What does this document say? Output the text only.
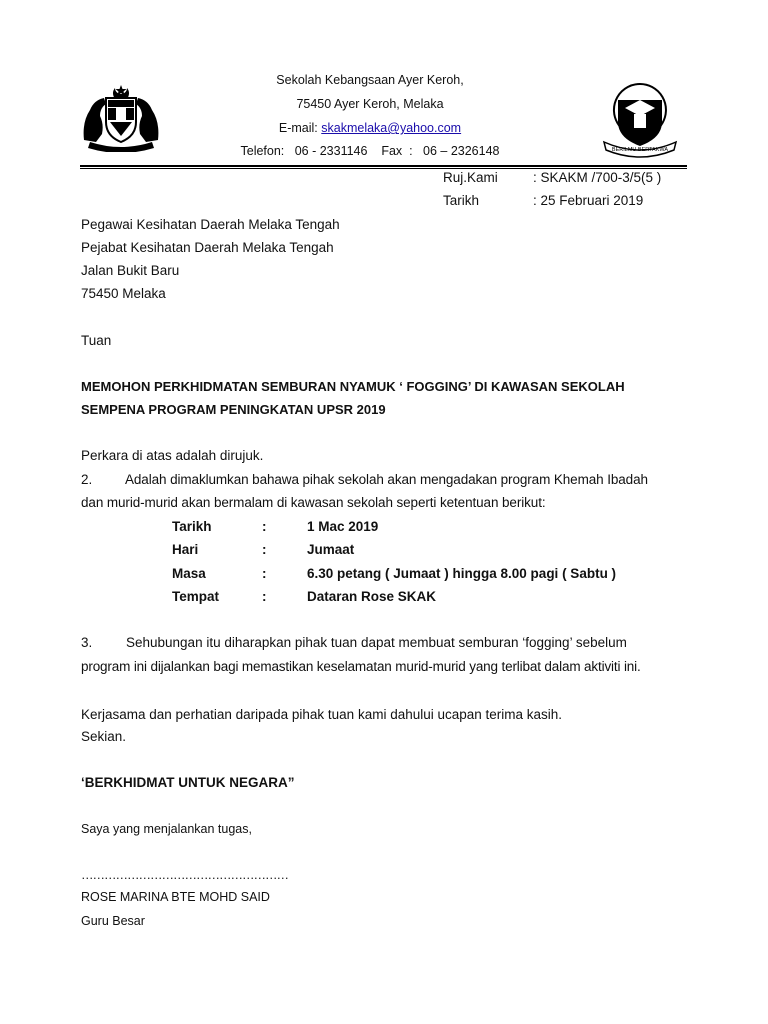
Sekolah Kebangsaan Ayer Keroh,
75450 Ayer Keroh, Melaka
E-mail: skakmelaka@yahoo.com
Telefon:   06 - 2331146    Fax  :   06 – 2326148
SK AYER KEROH
BERILMU BERTAKWA
Ruj.Kami	: SKAKM /700-3/5(5 )
Tarikh	: 25 Februari 2019
Pegawai Kesihatan Daerah Melaka Tengah
Pejabat Kesihatan Daerah Melaka Tengah
Jalan Bukit Baru
75450 Melaka
Tuan
MEMOHON PERKHIDMATAN SEMBURAN NYAMUK ‘ FOGGING’ DI KAWASAN SEKOLAH
SEMPENA PROGRAM PENINGKATAN UPSR 2019
Perkara di atas adalah dirujuk.
2. Adalah dimaklumkan bahawa pihak sekolah akan mengadakan program Khemah Ibadah
dan murid-murid akan bermalam di kawasan sekolah seperti ketentuan berikut:
Tarikh	:	1 Mac 2019
Hari	:	Jumaat
Masa	:	6.30 petang ( Jumaat ) hingga 8.00 pagi ( Sabtu )
Tempat	:	Dataran Rose SKAK
3. Sehubungan itu diharapkan pihak tuan dapat membuat semburan ‘fogging’ sebelum
program ini dijalankan bagi memastikan keselamatan murid-murid yang terlibat dalam aktiviti ini.
Kerjasama dan perhatian daripada pihak tuan kami dahului ucapan terima kasih.
Sekian.
‘BERKHIDMAT UNTUK NEGARA”
Saya yang menjalankan tugas,
………………………………………………
ROSE MARINA BTE MOHD SAID
Guru Besar
